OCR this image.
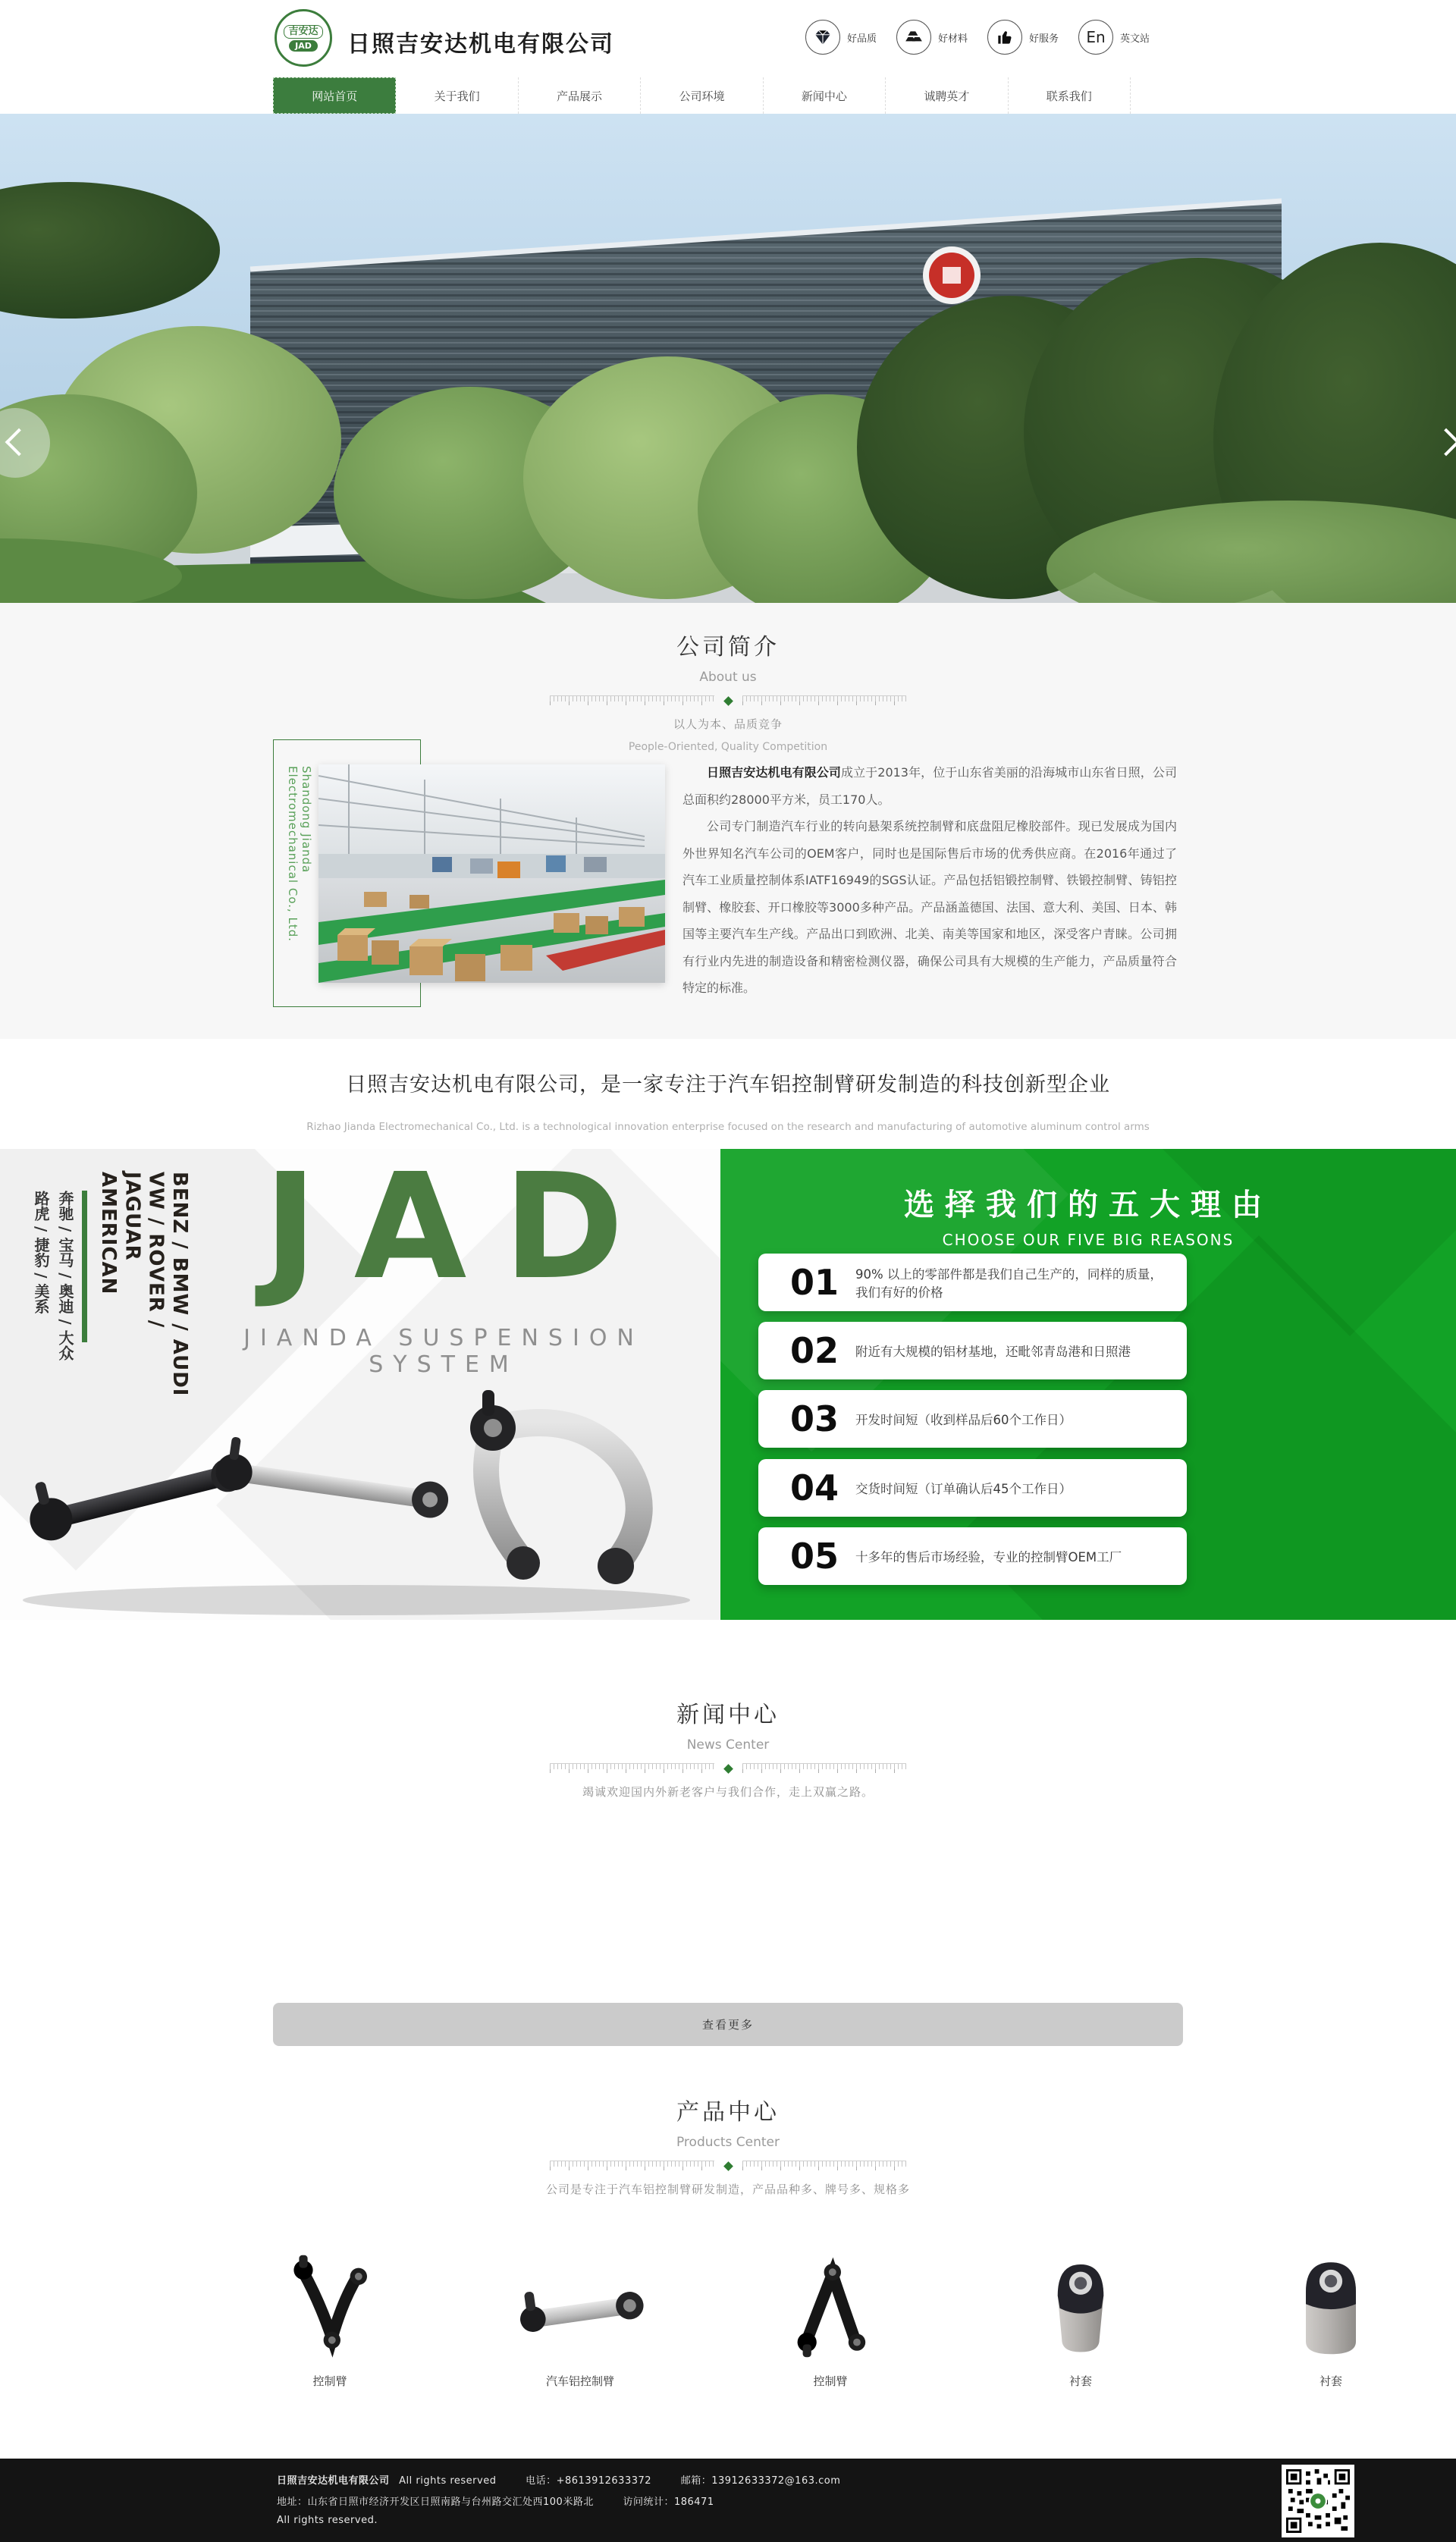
吉安达
JAD 日照吉安达机电有限公司	好品质	好材料	好服务	En	英文站
网站首页	关于我们	产品展示	公司环境	新闻中心	诚聘英才	联系我们
公司简介
About us
以人为本、品质竞争
People-Oriented, Quality Competition
Shandong Jianda Electromechanical Co., Ltd.	日照吉安达机电有限公司成立于2013年，位于山东省美丽的沿海城市山东省日照，公司总面积约28000平方米，员工170人。

公司专门制造汽车行业的转向悬架系统控制臂和底盘阻尼橡胶部件。现已发展成为国内外世界知名汽车公司的OEM客户，同时也是国际售后市场的优秀供应商。在2016年通过了汽车工业质量控制体系IATF16949的SGS认证。产品包括铝锻控制臂、铁锻控制臂、铸铝控制臂、橡胶套、开口橡胶等3000多种产品。产品涵盖德国、法国、意大利、美国、日本、韩国等主要汽车生产线。产品出口到欧洲、北美、南美等国家和地区，深受客户青睐。公司拥有行业内先进的制造设备和精密检测仪器，确保公司具有大规模的生产能力，产品质量符合特定的标准。

日照吉安达机电有限公司，是一家专注于汽车铝控制臂研发制造的科技创新型企业
Rizhao Jianda Electromechanical Co., Ltd. is a technological innovation enterprise focused on the research and manufacturing of automotive aluminum control arms
奔驰 / 宝马 / 奥迪 / 大众
路虎 / 捷豹 / 美系	BENZ / BMW / AUDI
VW / ROVER / JAGUAR
AMERICAN JAD
JIANDA SUSPENSION SYSTEM
选择我们的五大理由
CHOOSE OUR FIVE BIG REASONS
01	90% 以上的零部件都是我们自己生产的，同样的质量，我们有好的价格
02	附近有大规模的铝材基地，还毗邻青岛港和日照港
03	开发时间短（收到样品后60个工作日）
04	交货时间短（订单确认后45个工作日）
05	十多年的售后市场经验，专业的控制臂OEM工厂
新闻中心
News Center
竭诚欢迎国内外新老客户与我们合作，走上双赢之路。
查看更多
产品中心
Products Center
公司是专注于汽车铝控制臂研发制造，产品品种多、牌号多、规格多
控制臂	汽车铝控制臂	控制臂	衬套	衬套
日照吉安达机电有限公司 All rights reserved	电话：+8613912633372	邮箱：13912633372@163.com
地址：山东省日照市经济开发区日照南路与台州路交汇处西100米路北	访问统计：186471
All rights reserved.
